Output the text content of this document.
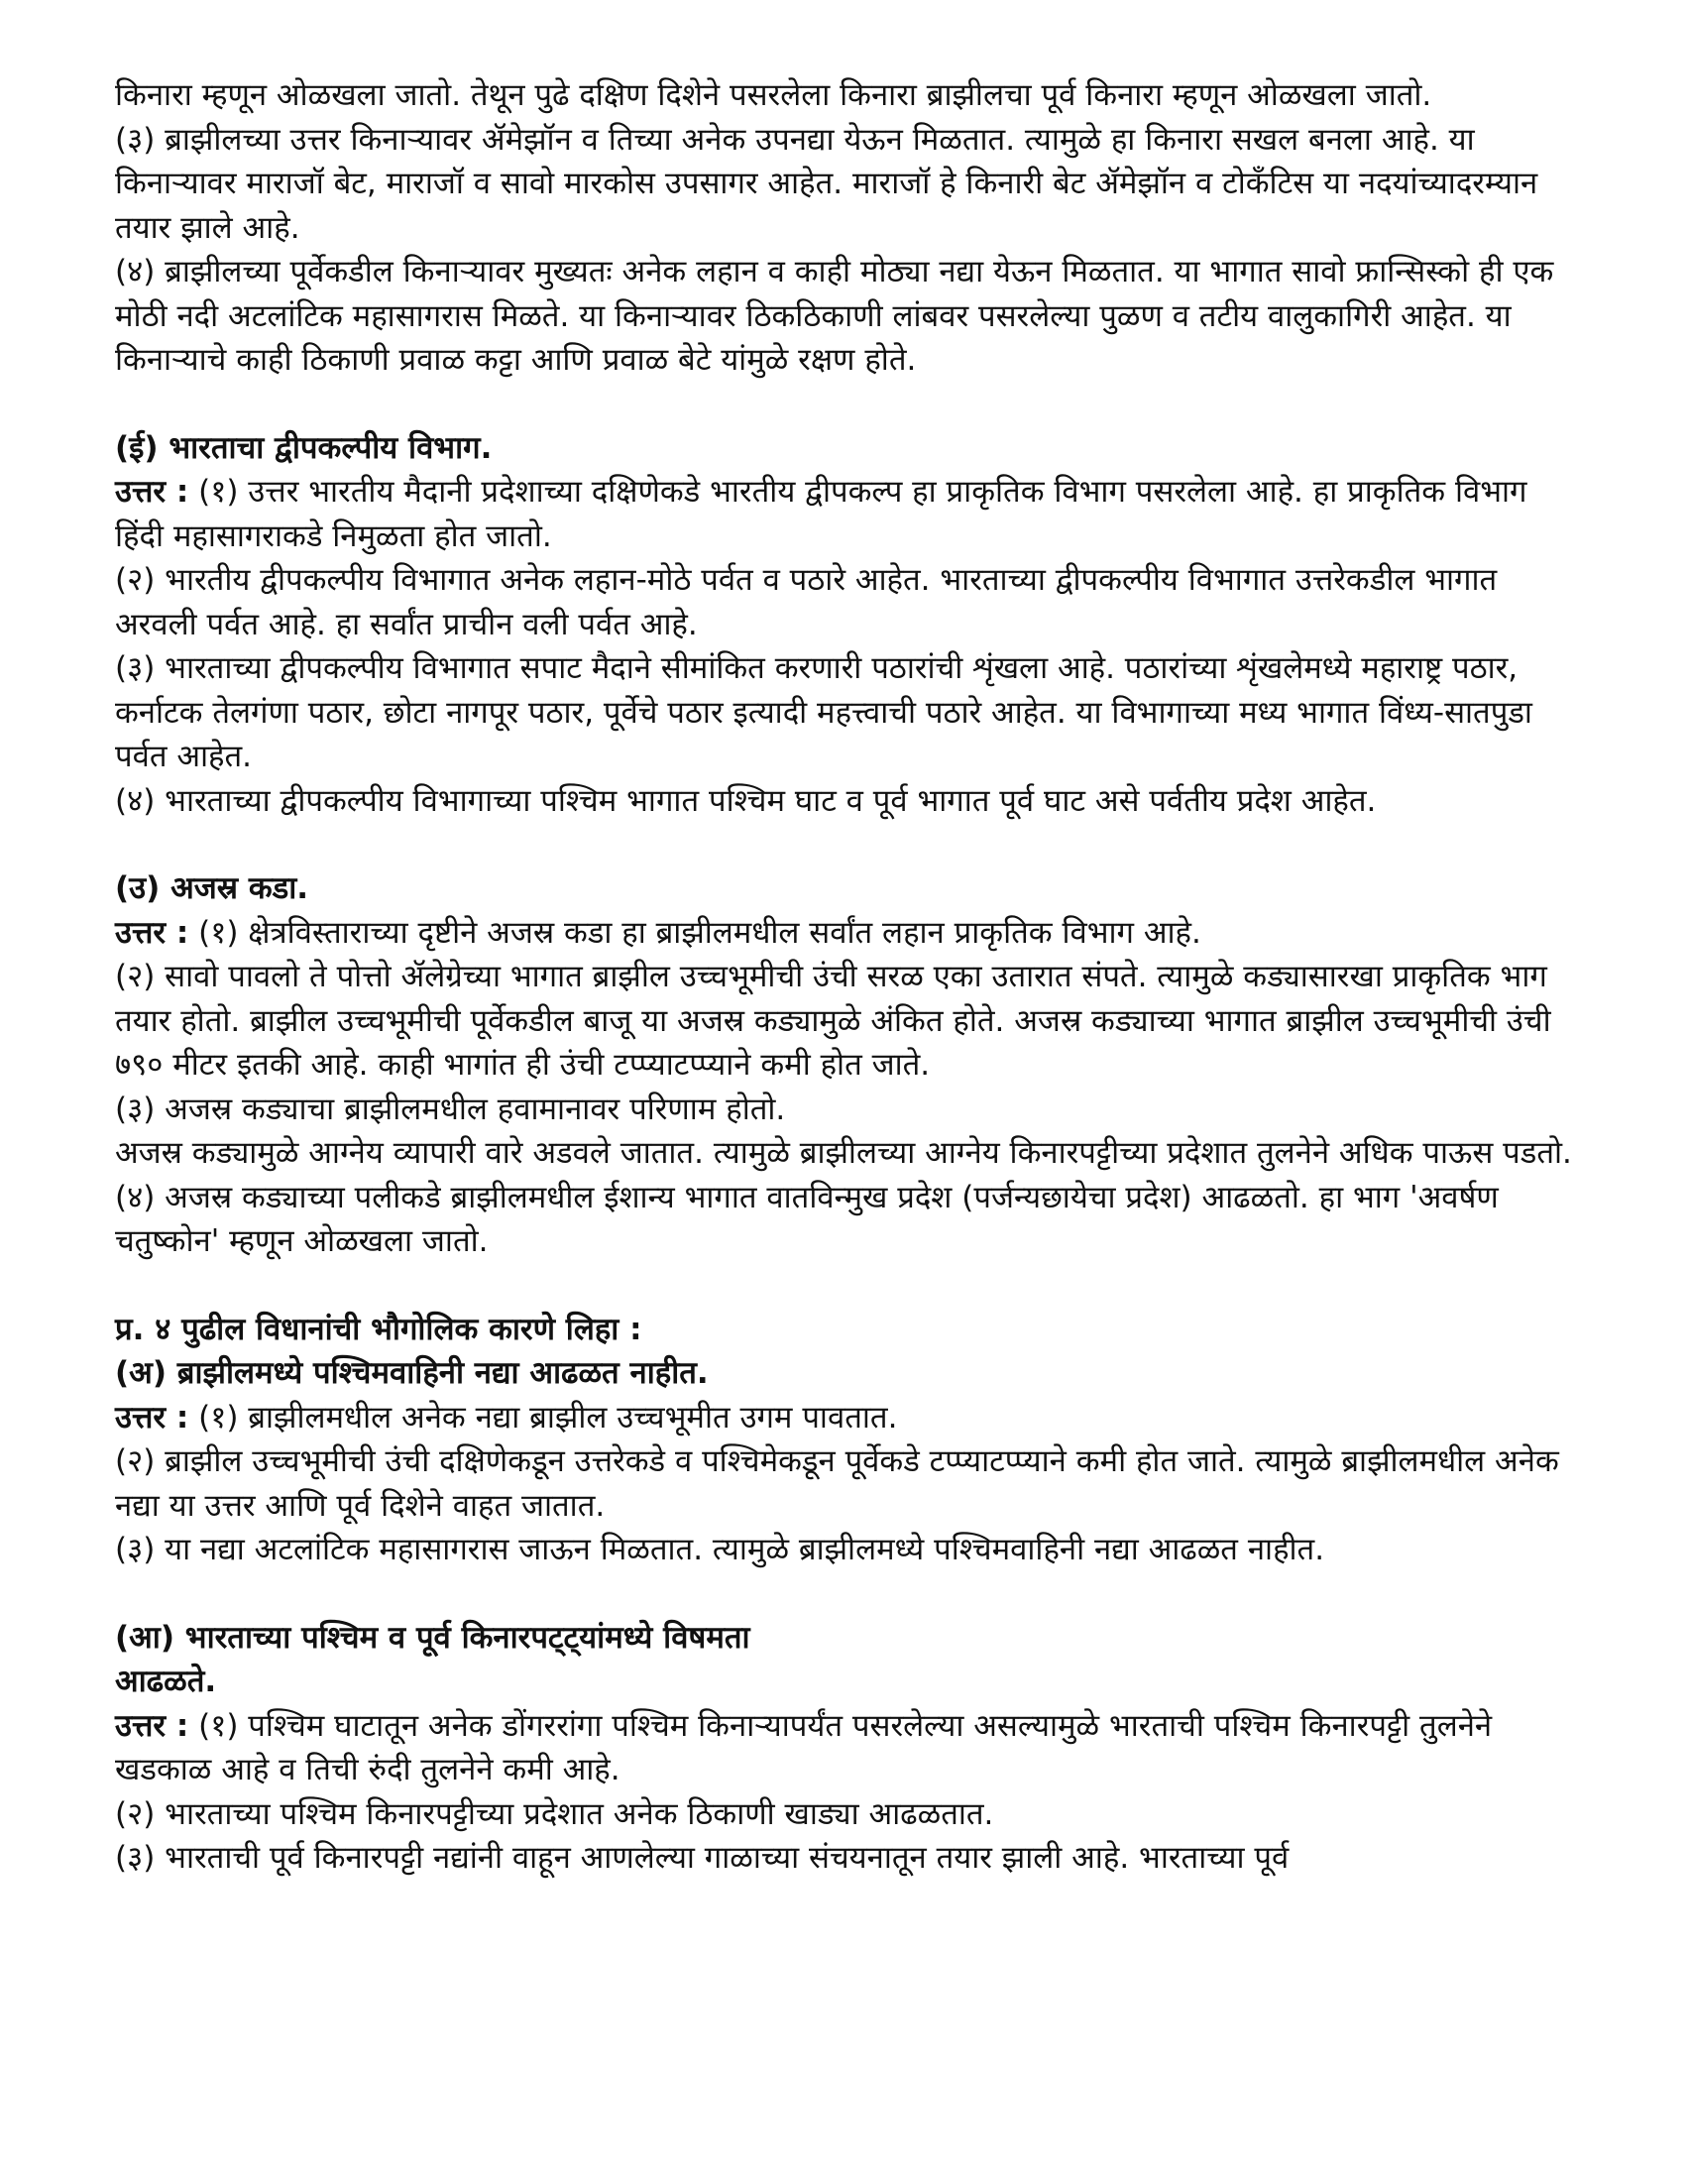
किनारा म्हणून ओळखला जातो. तेथून पुढे दक्षिण दिशेने पसरलेला किनारा ब्राझीलचा पूर्व किनारा म्हणून ओळखला जातो.

(३) ब्राझीलच्या उत्तर किनाऱ्यावर ॲमेझॉन व तिच्या अनेक उपनद्या येऊन मिळतात. त्यामुळे हा किनारा सखल बनला आहे. या किनाऱ्यावर माराजॉ बेट, माराजॉ व सावो मारकोस उपसागर आहेत. माराजॉ हे किनारी बेट ॲमेझॉन व टोकँटिस या नदयांच्यादरम्यान तयार झाले आहे.

(४) ब्राझीलच्या पूर्वेकडील किनाऱ्यावर मुख्यतः अनेक लहान व काही मोठ्या नद्या येऊन मिळतात. या भागात सावो फ्रान्सिस्को ही एक मोठी नदी अटलांटिक महासागरास मिळते. या किनाऱ्यावर ठिकठिकाणी लांबवर पसरलेल्या पुळण व तटीय वालुकागिरी आहेत. या किनाऱ्याचे काही ठिकाणी प्रवाळ कट्टा आणि प्रवाळ बेटे यांमुळे रक्षण होते.

(ई) भारताचा द्वीपकल्पीय विभाग.

उत्तर : (१) उत्तर भारतीय मैदानी प्रदेशाच्या दक्षिणेकडे भारतीय द्वीपकल्प हा प्राकृतिक विभाग पसरलेला आहे. हा प्राकृतिक विभाग हिंदी महासागराकडे निमुळता होत जातो.

(२) भारतीय द्वीपकल्पीय विभागात अनेक लहान-मोठे पर्वत व पठारे आहेत. भारताच्या द्वीपकल्पीय विभागात उत्तरेकडील भागात अरवली पर्वत आहे. हा सर्वांत प्राचीन वली पर्वत आहे.

(३) भारताच्या द्वीपकल्पीय विभागात सपाट मैदाने सीमांकित करणारी पठारांची शृंखला आहे. पठारांच्या शृंखलेमध्ये महाराष्ट्र पठार, कर्नाटक तेलगंणा पठार, छोटा नागपूर पठार, पूर्वेचे पठार इत्यादी महत्त्वाची पठारे आहेत. या विभागाच्या मध्य भागात विंध्य-सातपुडा पर्वत आहेत.

(४) भारताच्या द्वीपकल्पीय विभागाच्या पश्चिम भागात पश्चिम घाट व पूर्व भागात पूर्व घाट असे पर्वतीय प्रदेश आहेत.

(उ) अजस्र कडा.

उत्तर : (१) क्षेत्रविस्ताराच्या दृष्टीने अजस्र कडा हा ब्राझीलमधील सर्वांत लहान प्राकृतिक विभाग आहे.

(२) सावो पावलो ते पोत्तो ॲलेग्रेच्या भागात ब्राझील उच्चभूमीची उंची सरळ एका उतारात संपते. त्यामुळे कड्यासारखा प्राकृतिक भाग तयार होतो. ब्राझील उच्चभूमीची पूर्वेकडील बाजू या अजस्र कड्यामुळे अंकित होते. अजस्र कड्याच्या भागात ब्राझील उच्चभूमीची उंची ७९० मीटर इतकी आहे. काही भागांत ही उंची टप्प्याटप्प्याने कमी होत जाते.

(३) अजस्र कड्याचा ब्राझीलमधील हवामानावर परिणाम होतो.

अजस्र कड्यामुळे आग्नेय व्यापारी वारे अडवले जातात. त्यामुळे ब्राझीलच्या आग्नेय किनारपट्टीच्या प्रदेशात तुलनेने अधिक पाऊस पडतो.

(४) अजस्र कड्याच्या पलीकडे ब्राझीलमधील ईशान्य भागात वातविन्मुख प्रदेश (पर्जन्यछायेचा प्रदेश) आढळतो. हा भाग 'अवर्षण चतुष्कोन' म्हणून ओळखला जातो.

प्र. ४ पुढील विधानांची भौगोलिक कारणे लिहा :

(अ) ब्राझीलमध्ये पश्चिमवाहिनी नद्या आढळत नाहीत.

उत्तर : (१) ब्राझीलमधील अनेक नद्या ब्राझील उच्चभूमीत उगम पावतात.

(२) ब्राझील उच्चभूमीची उंची दक्षिणेकडून उत्तरेकडे व पश्चिमेकडून पूर्वेकडे टप्प्याटप्प्याने कमी होत जाते. त्यामुळे ब्राझीलमधील अनेक नद्या या उत्तर आणि पूर्व दिशेने वाहत जातात.

(३) या नद्या अटलांटिक महासागरास जाऊन मिळतात. त्यामुळे ब्राझीलमध्ये पश्चिमवाहिनी नद्या आढळत नाहीत.

(आ) भारताच्या पश्चिम व पूर्व किनारपट्ट्यांमध्ये विषमता

आढळते.

उत्तर : (१) पश्चिम घाटातून अनेक डोंगररांगा पश्चिम किनाऱ्यापर्यंत पसरलेल्या असल्यामुळे भारताची पश्चिम किनारपट्टी तुलनेने खडकाळ आहे व तिची रुंदी तुलनेने कमी आहे.

(२) भारताच्या पश्चिम किनारपट्टीच्या प्रदेशात अनेक ठिकाणी खाड्या आढळतात.

(३) भारताची पूर्व किनारपट्टी नद्यांनी वाहून आणलेल्या गाळाच्या संचयनातून तयार झाली आहे. भारताच्या पूर्व
